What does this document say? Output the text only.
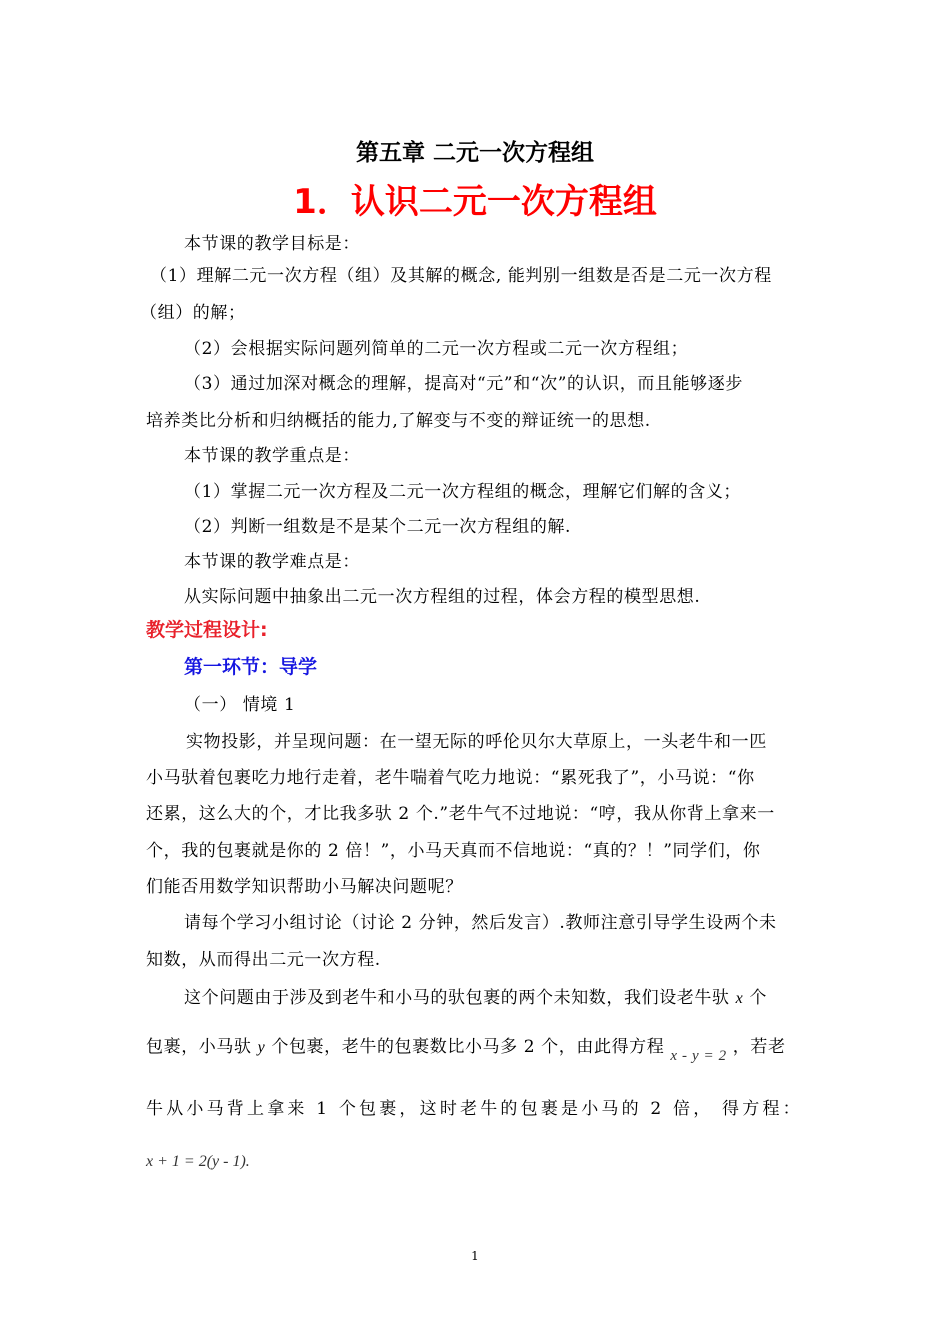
第五章 二元一次方程组
1．认识二元一次方程组
本节课的教学目标是：
（1）理解二元一次方程（组）及其解的概念, 能判别一组数是否是二元一次方程
（组）的解；
（2）会根据实际问题列简单的二元一次方程或二元一次方程组；
（3）通过加深对概念的理解，提高对“元”和“次”的认识，而且能够逐步
培养类比分析和归纳概括的能力,了解变与不变的辩证统一的思想.
本节课的教学重点是：
（1）掌握二元一次方程及二元一次方程组的概念，理解它们解的含义；
（2）判断一组数是不是某个二元一次方程组的解.
本节课的教学难点是：
从实际问题中抽象出二元一次方程组的过程，体会方程的模型思想.
教学过程设计:
第一环节：导学
（一） 情境 1
实物投影，并呈现问题：在一望无际的呼伦贝尔大草原上，一头老牛和一匹
小马驮着包裹吃力地行走着，老牛喘着气吃力地说：“累死我了”，小马说：“你
还累，这么大的个，才比我多驮 2 个.”老牛气不过地说：“哼，我从你背上拿来一
个，我的包裹就是你的 2 倍！”，小马天真而不信地说：“真的？！”同学们，你
们能否用数学知识帮助小马解决问题呢？
请每个学习小组讨论（讨论 2 分钟，然后发言）.教师注意引导学生设两个未
知数，从而得出二元一次方程.
这个问题由于涉及到老牛和小马的驮包裹的两个未知数，我们设老牛驮 x 个
包裹，小马驮 y 个包裹，老牛的包裹数比小马多 2 个，由此得方程 x - y = 2 ，若老
牛从小马背上拿来 1 个包裹，这时老牛的包裹是小马的 2 倍， 得方程：
x + 1 = 2(y - 1).
1
